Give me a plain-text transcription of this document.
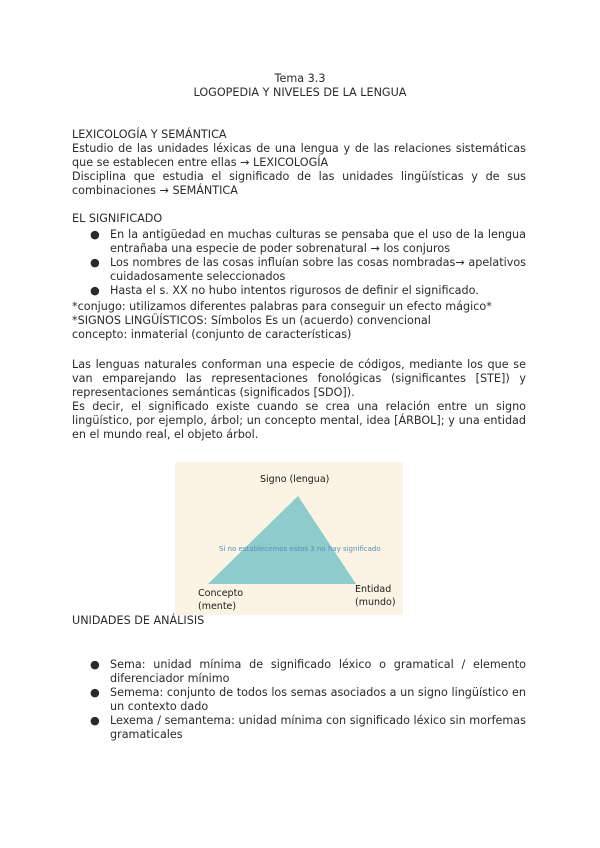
Tema 3.3
LOGOPEDIA Y NIVELES DE LA LENGUA
LEXICOLOGÍA Y SEMÁNTICA
Estudio de las unidades léxicas de una lengua y de las relaciones sistemáticas que se establecen entre ellas → LEXICOLOGÍA
Disciplina que estudia el significado de las unidades lingüísticas y de sus combinaciones → SEMÁNTICA
EL SIGNIFICADO
● En la antigüedad en muchas culturas se pensaba que el uso de la lengua entrañaba una especie de poder sobrenatural → los conjuros
● Los nombres de las cosas influían sobre las cosas nombradas→ apelativos cuidadosamente seleccionados
● Hasta el s. XX no hubo intentos rigurosos de definir el significado.
*conjugo: utilizamos diferentes palabras para conseguir un efecto mágico*
*SIGNOS LINGÜÍSTICOS: Símbolos Es un (acuerdo) convencional
concepto: inmaterial (conjunto de características)
Las lenguas naturales conforman una especie de códigos, mediante los que se van emparejando las representaciones fonológicas (significantes [STE]) y representaciones semánticas (significados [SDO]).
Es decir, el significado existe cuando se crea una relación entre un signo lingüístico, por ejemplo, árbol; un concepto mental, idea [ÁRBOL]; y una entidad en el mundo real, el objeto árbol.
Signo (lengua)
Si no establecemos estos 3 no hay significado
Concepto
(mente)
Entidad
(mundo)
UNIDADES DE ANÁLISIS
● Sema: unidad mínima de significado léxico o gramatical / elemento diferenciador mínimo
● Semema: conjunto de todos los semas asociados a un signo lingüístico en un contexto dado
● Lexema / semantema: unidad mínima con significado léxico sin morfemas gramaticales
